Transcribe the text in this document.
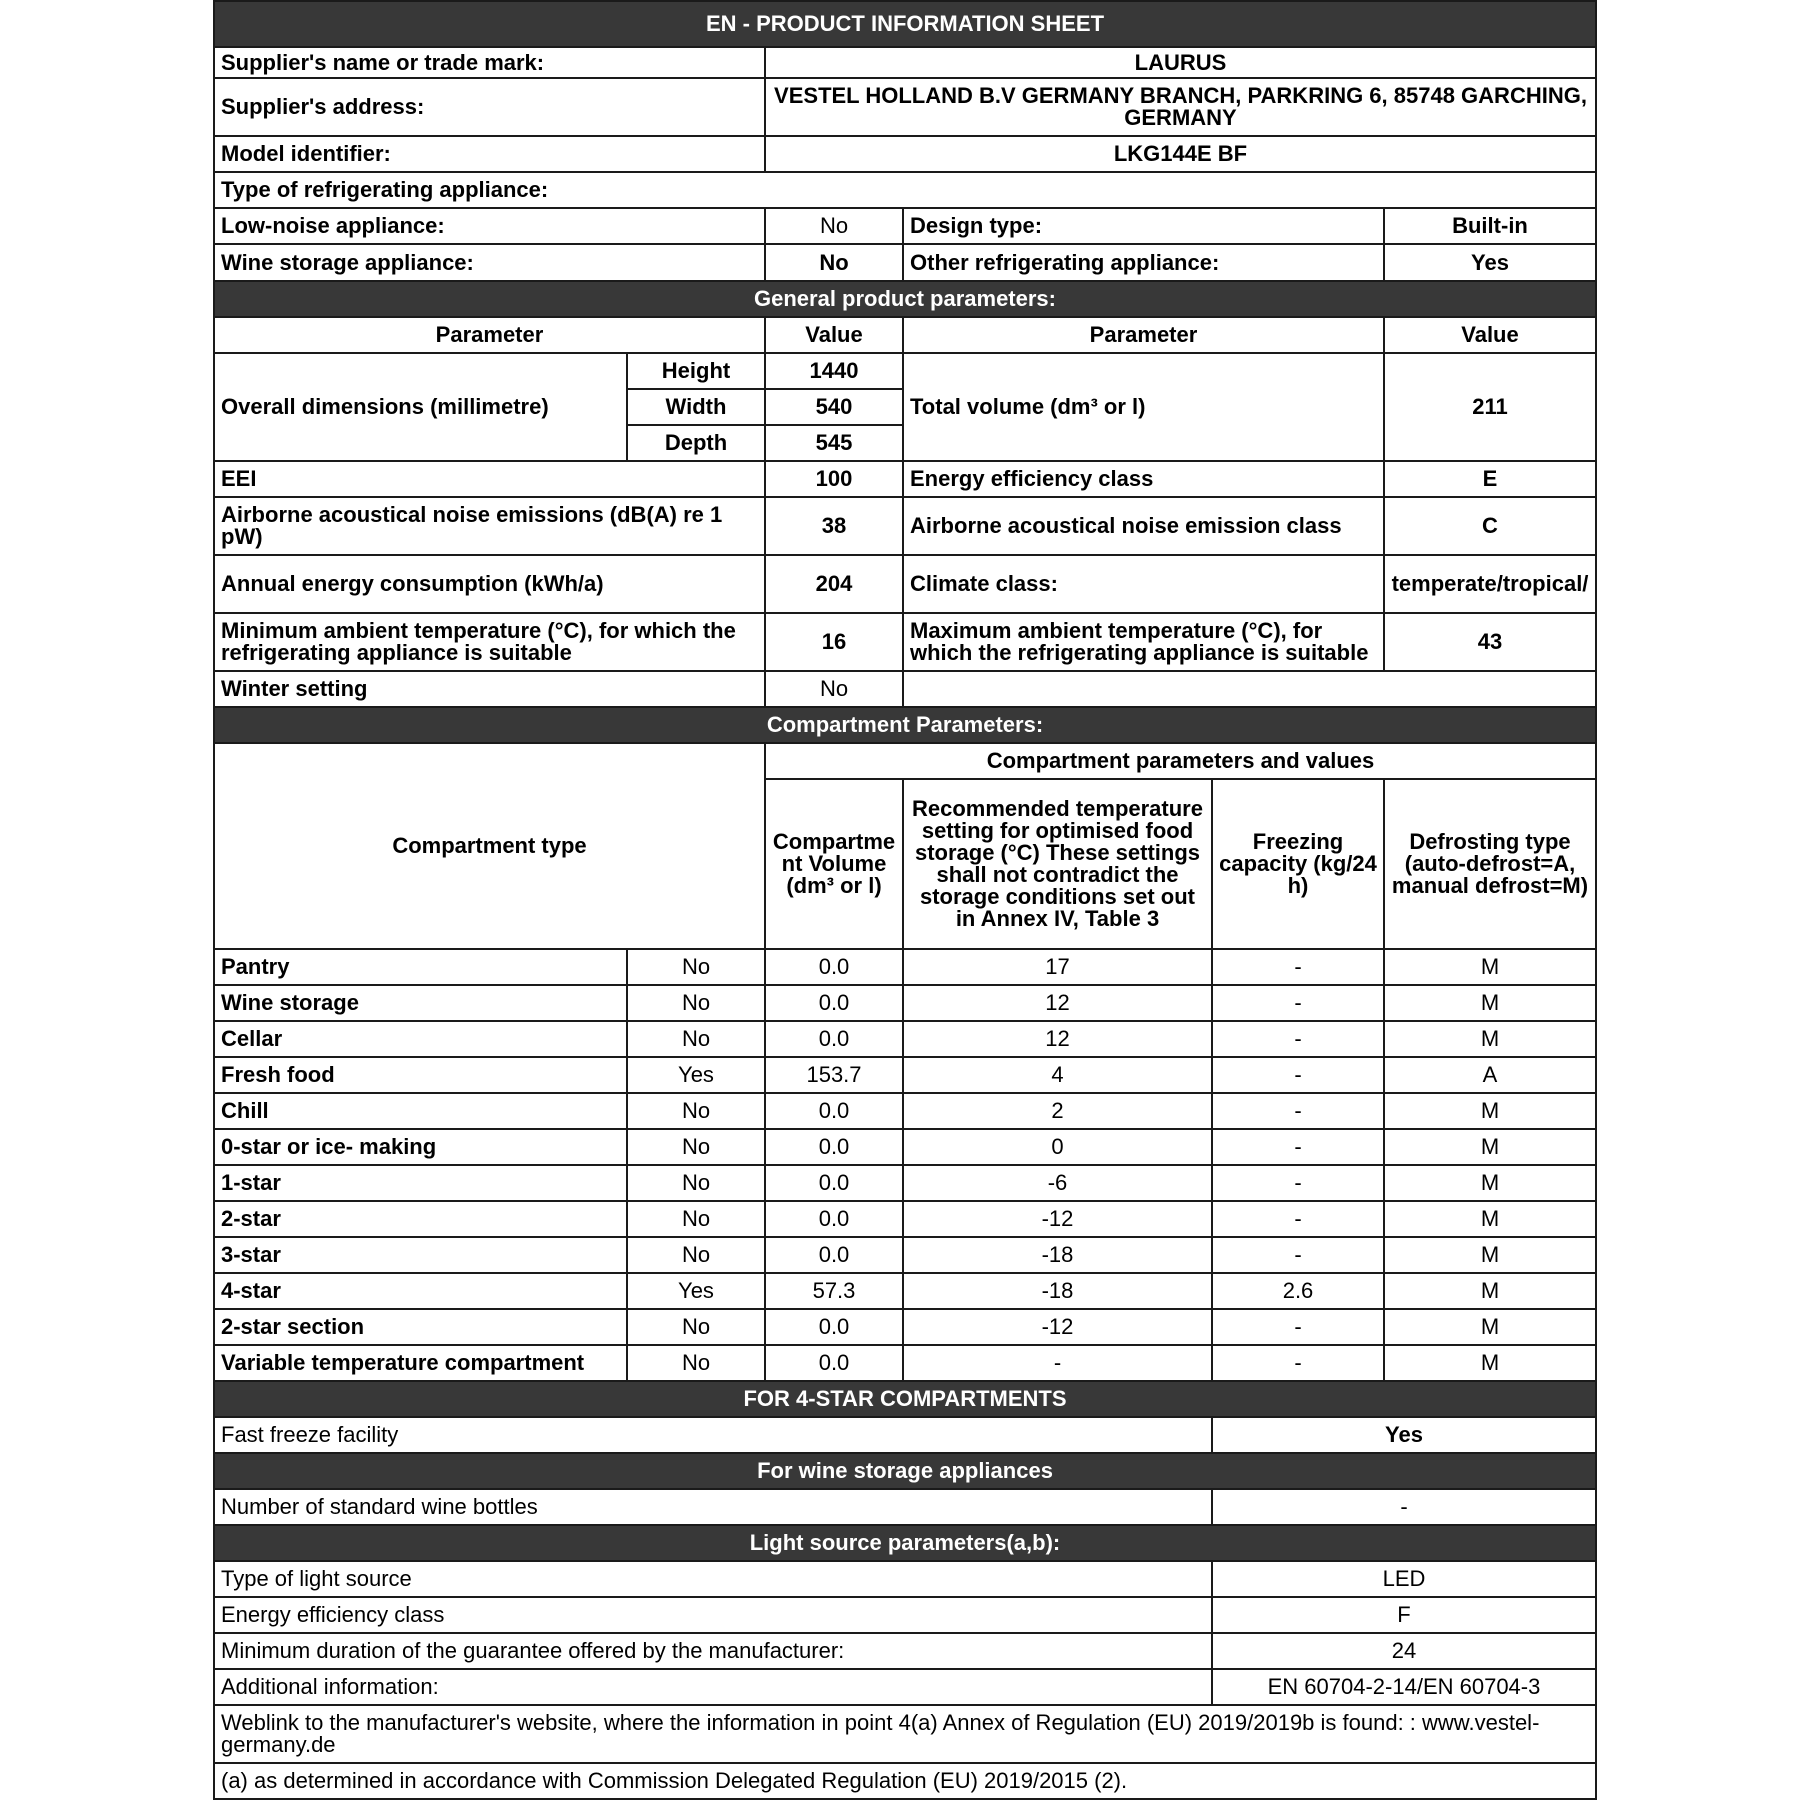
EN - PRODUCT INFORMATION SHEET					
Supplier's name or trade mark:		LAURUS			
Supplier's address:		VESTEL HOLLAND B.V GERMANY BRANCH, PARKRING 6, 85748 GARCHING, GERMANY			
Model identifier:		LKG144E BF			
Type of refrigerating appliance:					
Low-noise appliance:		No	Design type:		Built-in
Wine storage appliance:		No	Other refrigerating appliance:		Yes
General product parameters:					
Parameter		Value	Parameter		Value
Overall dimensions (millimetre)	Height	1440	Total volume (dm³ or l)		211
	Width	540			
	Depth	545			
EEI		100	Energy efficiency class		E
Airborne acoustical noise emissions (dB(A) re 1 pW)		38	Airborne acoustical noise emission class		C
Annual energy consumption (kWh/a)		204	Climate class:		temperate/tropical/
Minimum ambient temperature (°C), for which the refrigerating appliance is suitable		16	Maximum ambient temperature (°C), for which the refrigerating appliance is suitable		43
Winter setting		No			
Compartment Parameters:					
Compartment type		Compartment parameters and values			
		Compartment Volume (dm³ or l)	Recommended temperature setting for optimised food storage (°C) These settings shall not contradict the storage conditions set out in Annex IV, Table 3	Freezing capacity (kg/24 h)	Defrosting type (auto-defrost=A, manual defrost=M)
Pantry	No	0.0	17	-	M
Wine storage	No	0.0	12	-	M
Cellar	No	0.0	12	-	M
Fresh food	Yes	153.7	4	-	A
Chill	No	0.0	2	-	M
0-star or ice- making	No	0.0	0	-	M
1-star	No	0.0	-6	-	M
2-star	No	0.0	-12	-	M
3-star	No	0.0	-18	-	M
4-star	Yes	57.3	-18	2.6	M
2-star section	No	0.0	-12	-	M
Variable temperature compartment	No	0.0	-	-	M
FOR 4-STAR COMPARTMENTS					
Fast freeze facility				Yes	
For wine storage appliances					
Number of standard wine bottles				-	
Light source parameters(a,b):					
Type of light source				LED	
Energy efficiency class				F	
Minimum duration of the guarantee offered by the manufacturer:				24	
Additional information:				EN 60704-2-14/EN 60704-3	
Weblink to the manufacturer's website, where the information in point 4(a) Annex of Regulation (EU) 2019/2019b is found: : www.vestel-germany.de					
(a) as determined in accordance with Commission Delegated Regulation (EU) 2019/2015 (2).					
